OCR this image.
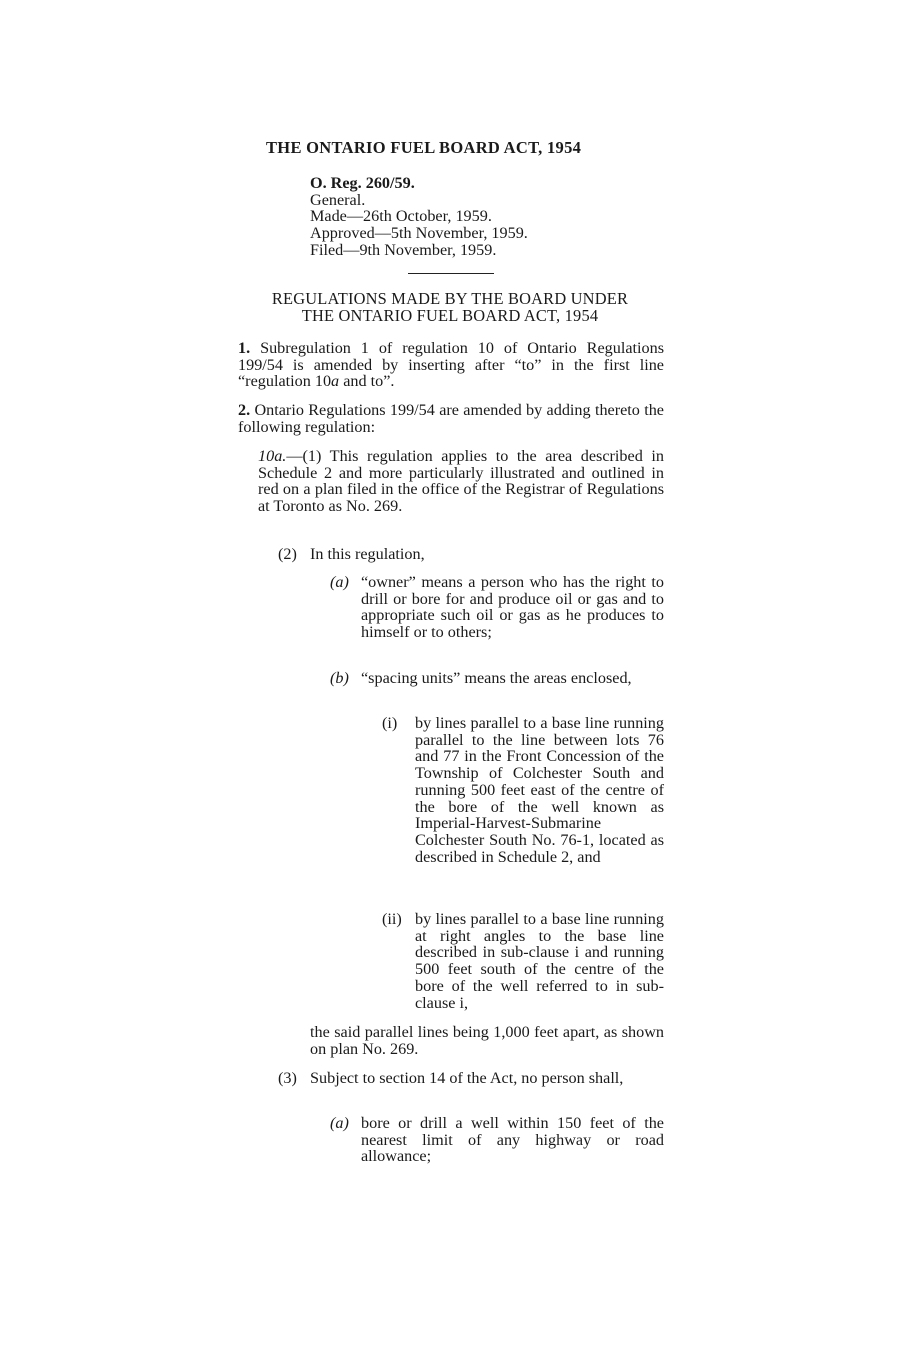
THE ONTARIO FUEL BOARD ACT, 1954
O. Reg. 260/59.
General.
Made—26th October, 1959.
Approved—5th November, 1959.
Filed—9th November, 1959.
REGULATIONS MADE BY THE BOARD UNDER
THE ONTARIO FUEL BOARD ACT, 1954
1. Subregulation 1 of regulation 10 of Ontario Regulations 199/54 is amended by inserting after “to” in the first line “regulation 10a and to”.
2. Ontario Regulations 199/54 are amended by adding thereto the following regulation:
10a.—(1) This regulation applies to the area described in Schedule 2 and more particularly illustrated and outlined in red on a plan filed in the office of the Registrar of Regulations at Toronto as No. 269.
(2) In this regulation,
(a) “owner” means a person who has the right to drill or bore for and produce oil or gas and to appropriate such oil or gas as he produces to himself or to others;
(b) “spacing units” means the areas enclosed,
(i)	by lines parallel to a base line running parallel to the line between lots 76 and 77 in the Front Concession of the Township of Colchester South and running 500 feet east of the centre of the bore of the well known as Imperial-Harvest-Submarine Colchester South No. 76-1, located as described in Schedule 2, and
(ii) by lines parallel to a base line running at right angles to the base line described in sub-clause i and running 500 feet south of the centre of the bore of the well referred to in sub-clause i,
the said parallel lines being 1,000 feet apart, as shown on plan No. 269.
(3) Subject to section 14 of the Act, no person shall,
(a) bore or drill a well within 150 feet of the nearest limit of any highway or road allowance;
